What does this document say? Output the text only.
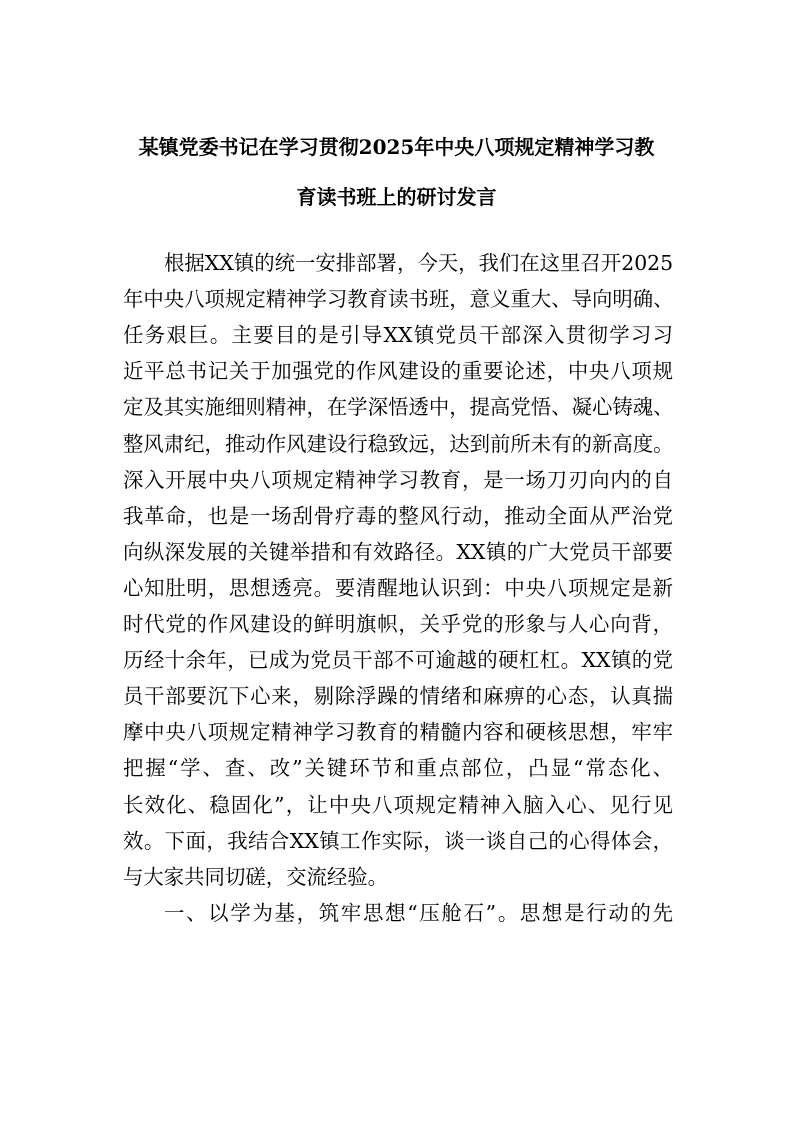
某镇党委书记在学习贯彻2025年中央八项规定精神学习教
育读书班上的研讨发言
根据XX镇的统一安排部署，今天，我们在这里召开2025
年中央八项规定精神学习教育读书班，意义重大、导向明确、
任务艰巨。主要目的是引导XX镇党员干部深入贯彻学习习
近平总书记关于加强党的作风建设的重要论述，中央八项规
定及其实施细则精神，在学深悟透中，提高党悟、凝心铸魂、
整风肃纪，推动作风建设行稳致远，达到前所未有的新高度。
深入开展中央八项规定精神学习教育，是一场刀刃向内的自
我革命，也是一场刮骨疗毒的整风行动，推动全面从严治党
向纵深发展的关键举措和有效路径。XX镇的广大党员干部要
心知肚明，思想透亮。要清醒地认识到：中央八项规定是新
时代党的作风建设的鲜明旗帜，关乎党的形象与人心向背，
历经十余年，已成为党员干部不可逾越的硬杠杠。XX镇的党
员干部要沉下心来，剔除浮躁的情绪和麻痹的心态，认真揣
摩中央八项规定精神学习教育的精髓内容和硬核思想，牢牢
把握“学、查、改”关键环节和重点部位，凸显“常态化、
长效化、稳固化”，让中央八项规定精神入脑入心、见行见
效。下面，我结合XX镇工作实际，谈一谈自己的心得体会，
与大家共同切磋，交流经验。
一、以学为基，筑牢思想“压舱石”。思想是行动的先
